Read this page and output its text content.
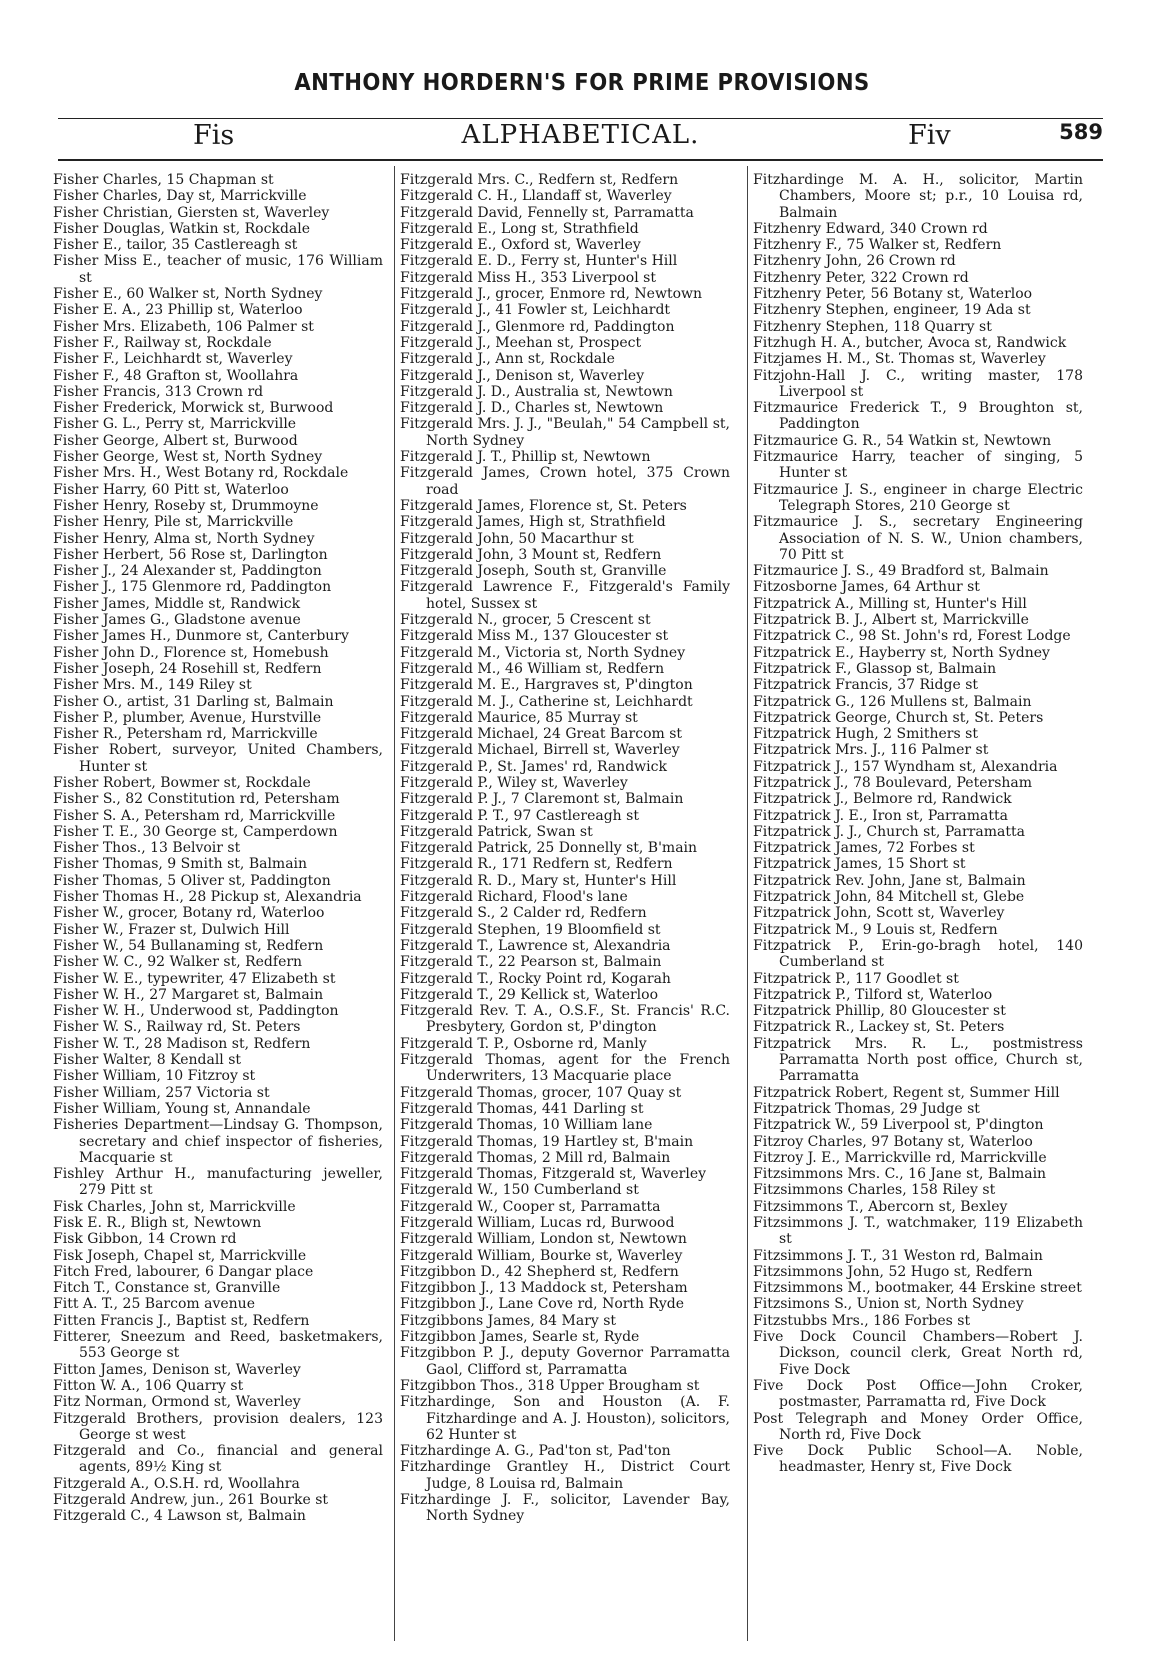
ANTHONY HORDERN'S FOR PRIME PROVISIONS
Fis	ALPHABETICAL.	Fiv	589

Fisher Charles, 15 Chapman st

Fisher Charles, Day st, Marrickville

Fisher Christian, Giersten st, Waverley

Fisher Douglas, Watkin st, Rockdale

Fisher E., tailor, 35 Castlereagh st

Fisher Miss E., teacher of music, 176 William st

Fisher E., 60 Walker st, North Sydney

Fisher E. A., 23 Phillip st, Waterloo

Fisher Mrs. Elizabeth, 106 Palmer st

Fisher F., Railway st, Rockdale

Fisher F., Leichhardt st, Waverley

Fisher F., 48 Grafton st, Woollahra

Fisher Francis, 313 Crown rd

Fisher Frederick, Morwick st, Burwood

Fisher G. L., Perry st, Marrickville

Fisher George, Albert st, Burwood

Fisher George, West st, North Sydney

Fisher Mrs. H., West Botany rd, Rockdale

Fisher Harry, 60 Pitt st, Waterloo

Fisher Henry, Roseby st, Drummoyne

Fisher Henry, Pile st, Marrickville

Fisher Henry, Alma st, North Sydney

Fisher Herbert, 56 Rose st, Darlington

Fisher J., 24 Alexander st, Paddington

Fisher J., 175 Glenmore rd, Paddington

Fisher James, Middle st, Randwick

Fisher James G., Gladstone avenue

Fisher James H., Dunmore st, Canterbury

Fisher John D., Florence st, Homebush

Fisher Joseph, 24 Rosehill st, Redfern

Fisher Mrs. M., 149 Riley st

Fisher O., artist, 31 Darling st, Balmain

Fisher P., plumber, Avenue, Hurstville

Fisher R., Petersham rd, Marrickville

Fisher Robert, surveyor, United Chambers, Hunter st

Fisher Robert, Bowmer st, Rockdale

Fisher S., 82 Constitution rd, Petersham

Fisher S. A., Petersham rd, Marrickville

Fisher T. E., 30 George st, Camperdown

Fisher Thos., 13 Belvoir st

Fisher Thomas, 9 Smith st, Balmain

Fisher Thomas, 5 Oliver st, Paddington

Fisher Thomas H., 28 Pickup st, Alexandria

Fisher W., grocer, Botany rd, Waterloo

Fisher W., Frazer st, Dulwich Hill

Fisher W., 54 Bullanaming st, Redfern

Fisher W. C., 92 Walker st, Redfern

Fisher W. E., typewriter, 47 Elizabeth st

Fisher W. H., 27 Margaret st, Balmain

Fisher W. H., Underwood st, Paddington

Fisher W. S., Railway rd, St. Peters

Fisher W. T., 28 Madison st, Redfern

Fisher Walter, 8 Kendall st

Fisher William, 10 Fitzroy st

Fisher William, 257 Victoria st

Fisher William, Young st, Annandale

Fisheries Department—Lindsay G. Thompson, secretary and chief inspector of fisheries, Macquarie st

Fishley Arthur H., manufacturing jeweller, 279 Pitt st

Fisk Charles, John st, Marrickville

Fisk E. R., Bligh st, Newtown

Fisk Gibbon, 14 Crown rd

Fisk Joseph, Chapel st, Marrickville

Fitch Fred, labourer, 6 Dangar place

Fitch T., Constance st, Granville

Fitt A. T., 25 Barcom avenue

Fitten Francis J., Baptist st, Redfern

Fitterer, Sneezum and Reed, basketmakers, 553 George st

Fitton James, Denison st, Waverley

Fitton W. A., 106 Quarry st

Fitz Norman, Ormond st, Waverley

Fitzgerald Brothers, provision dealers, 123 George st west

Fitzgerald and Co., financial and general agents, 89½ King st

Fitzgerald A., O.S.H. rd, Woollahra

Fitzgerald Andrew, jun., 261 Bourke st

Fitzgerald C., 4 Lawson st, Balmain

Fitzgerald Mrs. C., Redfern st, Redfern

Fitzgerald C. H., Llandaff st, Waverley

Fitzgerald David, Fennelly st, Parramatta

Fitzgerald E., Long st, Strathfield

Fitzgerald E., Oxford st, Waverley

Fitzgerald E. D., Ferry st, Hunter's Hill

Fitzgerald Miss H., 353 Liverpool st

Fitzgerald J., grocer, Enmore rd, Newtown

Fitzgerald J., 41 Fowler st, Leichhardt

Fitzgerald J., Glenmore rd, Paddington

Fitzgerald J., Meehan st, Prospect

Fitzgerald J., Ann st, Rockdale

Fitzgerald J., Denison st, Waverley

Fitzgerald J. D., Australia st, Newtown

Fitzgerald J. D., Charles st, Newtown

Fitzgerald Mrs. J. J., "Beulah," 54 Campbell st, North Sydney

Fitzgerald J. T., Phillip st, Newtown

Fitzgerald James, Crown hotel, 375 Crown road

Fitzgerald James, Florence st, St. Peters

Fitzgerald James, High st, Strathfield

Fitzgerald John, 50 Macarthur st

Fitzgerald John, 3 Mount st, Redfern

Fitzgerald Joseph, South st, Granville

Fitzgerald Lawrence F., Fitzgerald's Family hotel, Sussex st

Fitzgerald N., grocer, 5 Crescent st

Fitzgerald Miss M., 137 Gloucester st

Fitzgerald M., Victoria st, North Sydney

Fitzgerald M., 46 William st, Redfern

Fitzgerald M. E., Hargraves st, P'dington

Fitzgerald M. J., Catherine st, Leichhardt

Fitzgerald Maurice, 85 Murray st

Fitzgerald Michael, 24 Great Barcom st

Fitzgerald Michael, Birrell st, Waverley

Fitzgerald P., St. James' rd, Randwick

Fitzgerald P., Wiley st, Waverley

Fitzgerald P. J., 7 Claremont st, Balmain

Fitzgerald P. T., 97 Castlereagh st

Fitzgerald Patrick, Swan st

Fitzgerald Patrick, 25 Donnelly st, B'main

Fitzgerald R., 171 Redfern st, Redfern

Fitzgerald R. D., Mary st, Hunter's Hill

Fitzgerald Richard, Flood's lane

Fitzgerald S., 2 Calder rd, Redfern

Fitzgerald Stephen, 19 Bloomfield st

Fitzgerald T., Lawrence st, Alexandria

Fitzgerald T., 22 Pearson st, Balmain

Fitzgerald T., Rocky Point rd, Kogarah

Fitzgerald T., 29 Kellick st, Waterloo

Fitzgerald Rev. T. A., O.S.F., St. Francis' R.C. Presbytery, Gordon st, P'dington

Fitzgerald T. P., Osborne rd, Manly

Fitzgerald Thomas, agent for the French Underwriters, 13 Macquarie place

Fitzgerald Thomas, grocer, 107 Quay st

Fitzgerald Thomas, 441 Darling st

Fitzgerald Thomas, 10 William lane

Fitzgerald Thomas, 19 Hartley st, B'main

Fitzgerald Thomas, 2 Mill rd, Balmain

Fitzgerald Thomas, Fitzgerald st, Waverley

Fitzgerald W., 150 Cumberland st

Fitzgerald W., Cooper st, Parramatta

Fitzgerald William, Lucas rd, Burwood

Fitzgerald William, London st, Newtown

Fitzgerald William, Bourke st, Waverley

Fitzgibbon D., 42 Shepherd st, Redfern

Fitzgibbon J., 13 Maddock st, Petersham

Fitzgibbon J., Lane Cove rd, North Ryde

Fitzgibbons James, 84 Mary st

Fitzgibbon James, Searle st, Ryde

Fitzgibbon P. J., deputy Governor Parramatta Gaol, Clifford st, Parramatta

Fitzgibbon Thos., 318 Upper Brougham st

Fitzhardinge, Son and Houston (A. F. Fitzhardinge and A. J. Houston), solicitors, 62 Hunter st

Fitzhardinge A. G., Pad'ton st, Pad'ton

Fitzhardinge Grantley H., District Court Judge, 8 Louisa rd, Balmain

Fitzhardinge J. F., solicitor, Lavender Bay, North Sydney

Fitzhardinge M. A. H., solicitor, Martin Chambers, Moore st; p.r., 10 Louisa rd, Balmain

Fitzhenry Edward, 340 Crown rd

Fitzhenry F., 75 Walker st, Redfern

Fitzhenry John, 26 Crown rd

Fitzhenry Peter, 322 Crown rd

Fitzhenry Peter, 56 Botany st, Waterloo

Fitzhenry Stephen, engineer, 19 Ada st

Fitzhenry Stephen, 118 Quarry st

Fitzhugh H. A., butcher, Avoca st, Randwick

Fitzjames H. M., St. Thomas st, Waverley

Fitzjohn-Hall J. C., writing master, 178 Liverpool st

Fitzmaurice Frederick T., 9 Broughton st, Paddington

Fitzmaurice G. R., 54 Watkin st, Newtown

Fitzmaurice Harry, teacher of singing, 5 Hunter st

Fitzmaurice J. S., engineer in charge Electric Telegraph Stores, 210 George st

Fitzmaurice J. S., secretary Engineering Association of N. S. W., Union chambers, 70 Pitt st

Fitzmaurice J. S., 49 Bradford st, Balmain

Fitzosborne James, 64 Arthur st

Fitzpatrick A., Milling st, Hunter's Hill

Fitzpatrick B. J., Albert st, Marrickville

Fitzpatrick C., 98 St. John's rd, Forest Lodge

Fitzpatrick E., Hayberry st, North Sydney

Fitzpatrick F., Glassop st, Balmain

Fitzpatrick Francis, 37 Ridge st

Fitzpatrick G., 126 Mullens st, Balmain

Fitzpatrick George, Church st, St. Peters

Fitzpatrick Hugh, 2 Smithers st

Fitzpatrick Mrs. J., 116 Palmer st

Fitzpatrick J., 157 Wyndham st, Alexandria

Fitzpatrick J., 78 Boulevard, Petersham

Fitzpatrick J., Belmore rd, Randwick

Fitzpatrick J. E., Iron st, Parramatta

Fitzpatrick J. J., Church st, Parramatta

Fitzpatrick James, 72 Forbes st

Fitzpatrick James, 15 Short st

Fitzpatrick Rev. John, Jane st, Balmain

Fitzpatrick John, 84 Mitchell st, Glebe

Fitzpatrick John, Scott st, Waverley

Fitzpatrick M., 9 Louis st, Redfern

Fitzpatrick P., Erin-go-bragh hotel, 140 Cumberland st

Fitzpatrick P., 117 Goodlet st

Fitzpatrick P., Tilford st, Waterloo

Fitzpatrick Phillip, 80 Gloucester st

Fitzpatrick R., Lackey st, St. Peters

Fitzpatrick Mrs. R. L., postmistress Parramatta North post office, Church st, Parramatta

Fitzpatrick Robert, Regent st, Summer Hill

Fitzpatrick Thomas, 29 Judge st

Fitzpatrick W., 59 Liverpool st, P'dington

Fitzroy Charles, 97 Botany st, Waterloo

Fitzroy J. E., Marrickville rd, Marrickville

Fitzsimmons Mrs. C., 16 Jane st, Balmain

Fitzsimmons Charles, 158 Riley st

Fitzsimmons T., Abercorn st, Bexley

Fitzsimmons J. T., watchmaker, 119 Elizabeth st

Fitzsimmons J. T., 31 Weston rd, Balmain

Fitzsimmons John, 52 Hugo st, Redfern

Fitzsimmons M., bootmaker, 44 Erskine street

Fitzsimons S., Union st, North Sydney

Fitzstubbs Mrs., 186 Forbes st

Five Dock Council Chambers—Robert J. Dickson, council clerk, Great North rd, Five Dock

Five Dock Post Office—John Croker, postmaster, Parramatta rd, Five Dock

Post Telegraph and Money Order Office, North rd, Five Dock

Five Dock Public School—A. Noble, headmaster, Henry st, Five Dock
